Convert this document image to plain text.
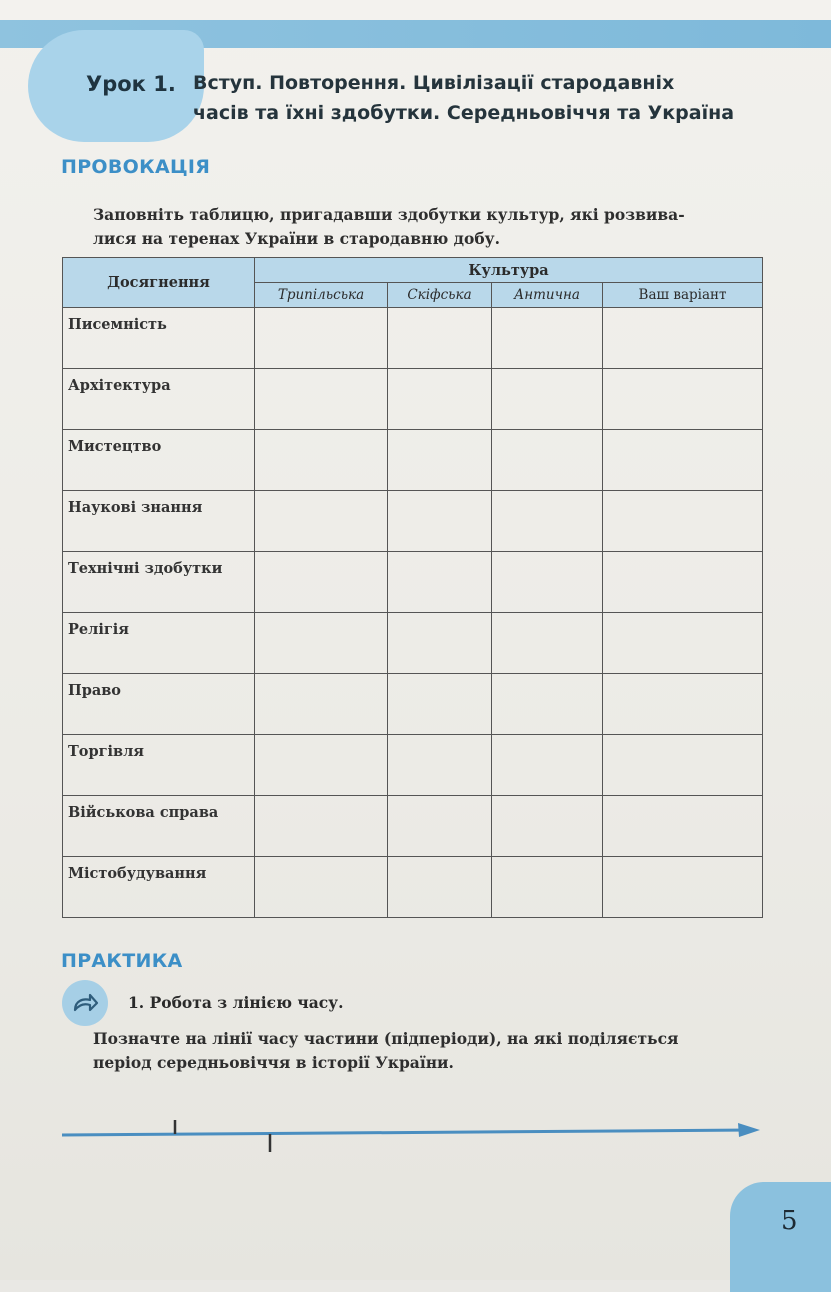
Урок 1. Вступ. Повторення. Цивілізації стародавніх
часів та їхні здобутки. Середньовіччя та Україна
ПРОВОКАЦІЯ
Заповніть таблицю, пригадавши здобутки культур, які розвива-
лися на теренах України в стародавню добу.
Досягнення	Культура			
	Трипільська	Скіфська	Антична	Ваш варіант
Писемність				
Архітектура				
Мистецтво				
Наукові знання				
Технічні здобутки				
Релігія				
Право				
Торгівля				
Військова справа				
Містобудування				
ПРАКТИКА
1. Робота з лінією часу.
Позначте на лінії часу частини (підперіоди), на які поділяється
період середньовіччя в історії України.
5
